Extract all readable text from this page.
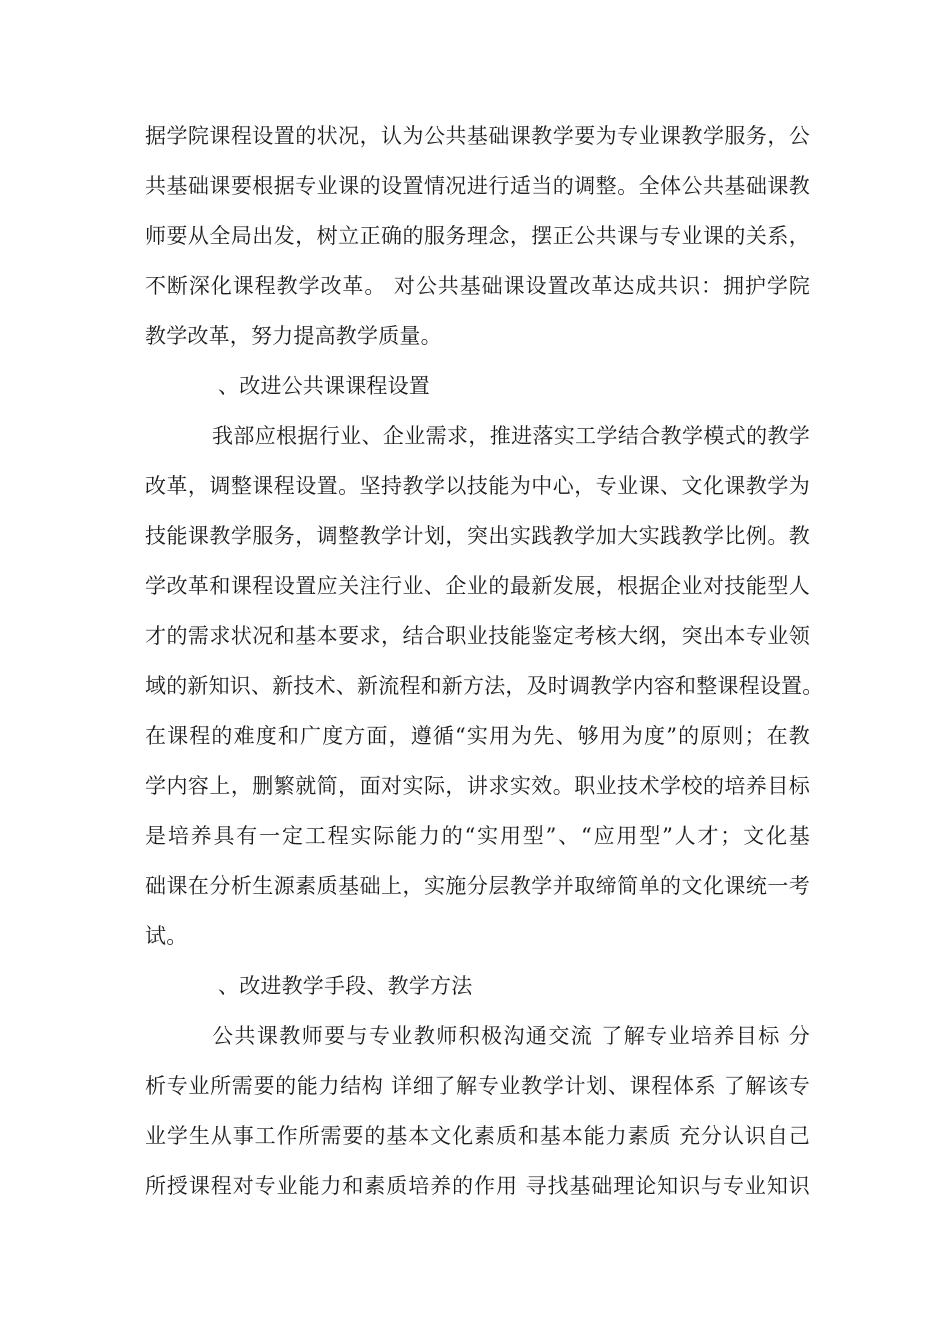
据学院课程设置的状况，认为公共基础课教学要为专业课教学服务，公
共基础课要根据专业课的设置情况进行适当的调整。全体公共基础课教
师要从全局出发，树立正确的服务理念，摆正公共课与专业课的关系，
不断深化课程教学改革。 对公共基础课设置改革达成共识：拥护学院
教学改革，努力提高教学质量。
、改进公共课课程设置
我部应根据行业、企业需求，推进落实工学结合教学模式的教学
改革，调整课程设置。坚持教学以技能为中心，专业课、文化课教学为
技能课教学服务，调整教学计划，突出实践教学加大实践教学比例。教
学改革和课程设置应关注行业、企业的最新发展，根据企业对技能型人
才的需求状况和基本要求，结合职业技能鉴定考核大纲，突出本专业领
域的新知识、新技术、新流程和新方法，及时调教学内容和整课程设置。
在课程的难度和广度方面，遵循“实用为先、够用为度”的原则；在教
学内容上，删繁就简，面对实际，讲求实效。职业技术学校的培养目标
是培养具有一定工程实际能力的“实用型”、“应用型”人才；文化基
础课在分析生源素质基础上，实施分层教学并取缔简单的文化课统一考
试。
、改进教学手段、教学方法
公共课教师要与专业教师积极沟通交流 了解专业培养目标 分
析专业所需要的能力结构 详细了解专业教学计划、课程体系 了解该专
业学生从事工作所需要的基本文化素质和基本能力素质 充分认识自己
所授课程对专业能力和素质培养的作用 寻找基础理论知识与专业知识
